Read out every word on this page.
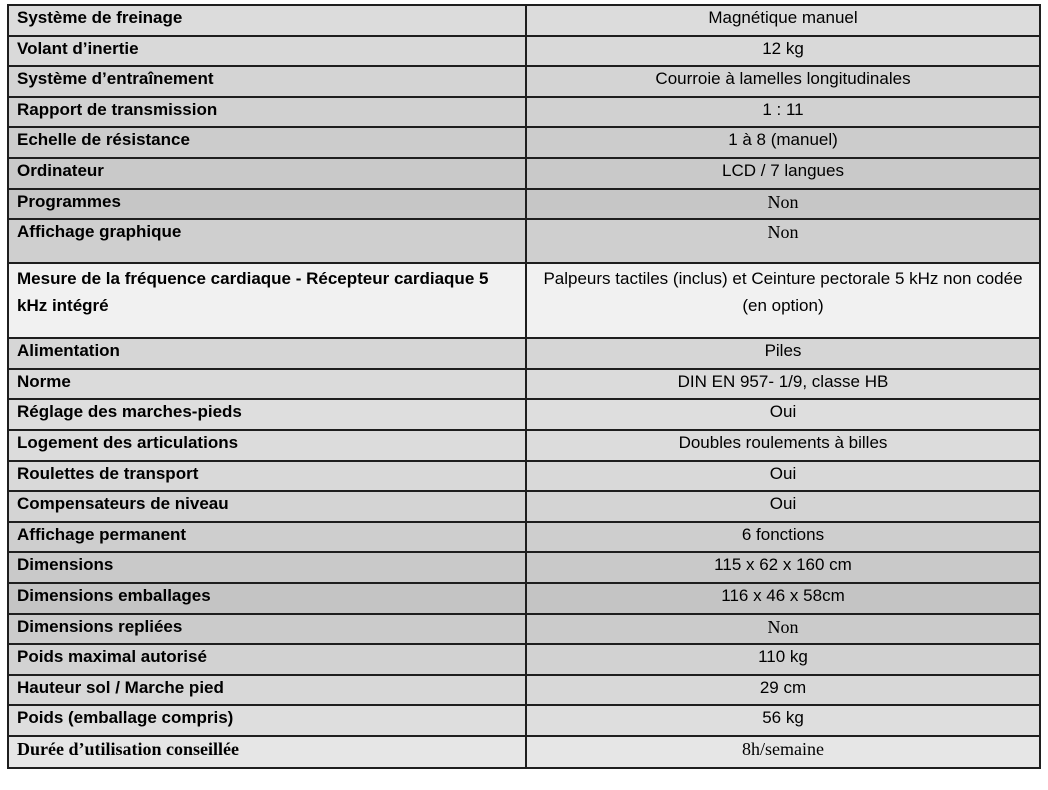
Système de freinage	Magnétique manuel
Volant d’inertie	12 kg
Système d’entraînement	Courroie à lamelles longitudinales
Rapport de transmission	1 : 11
Echelle de résistance	1 à 8 (manuel)
Ordinateur	LCD / 7 langues
Programmes	Non
Affichage graphique	Non
Mesure de la fréquence cardiaque - Récepteur cardiaque 5 kHz intégré	Palpeurs tactiles (inclus) et Ceinture pectorale 5 kHz non codée (en option)
Alimentation	Piles
Norme	DIN EN 957- 1/9, classe HB
Réglage des marches-pieds	Oui
Logement des articulations	Doubles roulements à billes
Roulettes de transport	Oui
Compensateurs de niveau	Oui
Affichage permanent	6 fonctions
Dimensions	115 x 62 x 160 cm
Dimensions emballages	116 x 46 x 58cm
Dimensions repliées	Non
Poids maximal autorisé	110 kg
Hauteur sol / Marche pied	29 cm
Poids (emballage compris)	56 kg
Durée d’utilisation conseillée	8h/semaine
